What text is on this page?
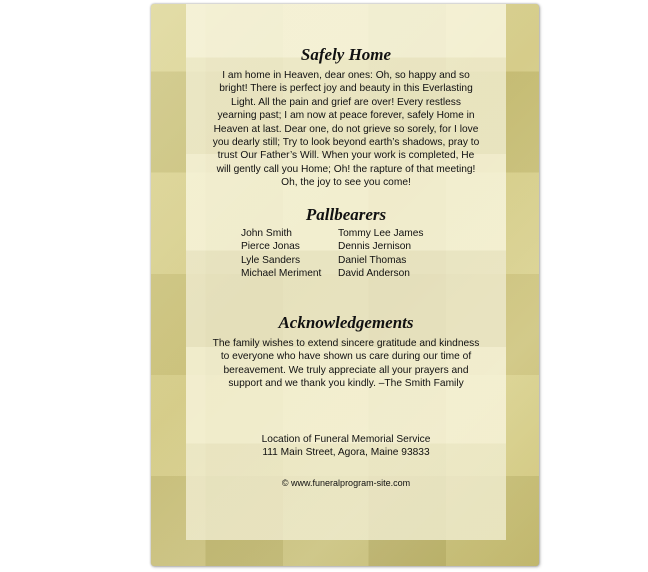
Safely Home
I am home in Heaven, dear ones: Oh, so happy and so
bright! There is perfect joy and beauty in this Everlasting
Light. All the pain and grief are over! Every restless
yearning past; I am now at peace forever, safely Home in
Heaven at last. Dear one, do not grieve so sorely, for I love
you dearly still; Try to look beyond earth’s shadows, pray to
trust Our Father’s Will. When your work is completed, He
will gently call you Home; Oh! the rapture of that meeting!
Oh, the joy to see you come!
Pallbearers
John Smith
Pierce Jonas
Lyle Sanders
Michael Meriment
Tommy Lee James
Dennis Jernison
Daniel Thomas
David Anderson
Acknowledgements
The family wishes to extend sincere gratitude and kindness
to everyone who have shown us care during our time of
bereavement. We truly appreciate all your prayers and
support and we thank you kindly. –The Smith Family
Location of Funeral Memorial Service
111 Main Street, Agora, Maine 93833
© www.funeralprogram-site.com
